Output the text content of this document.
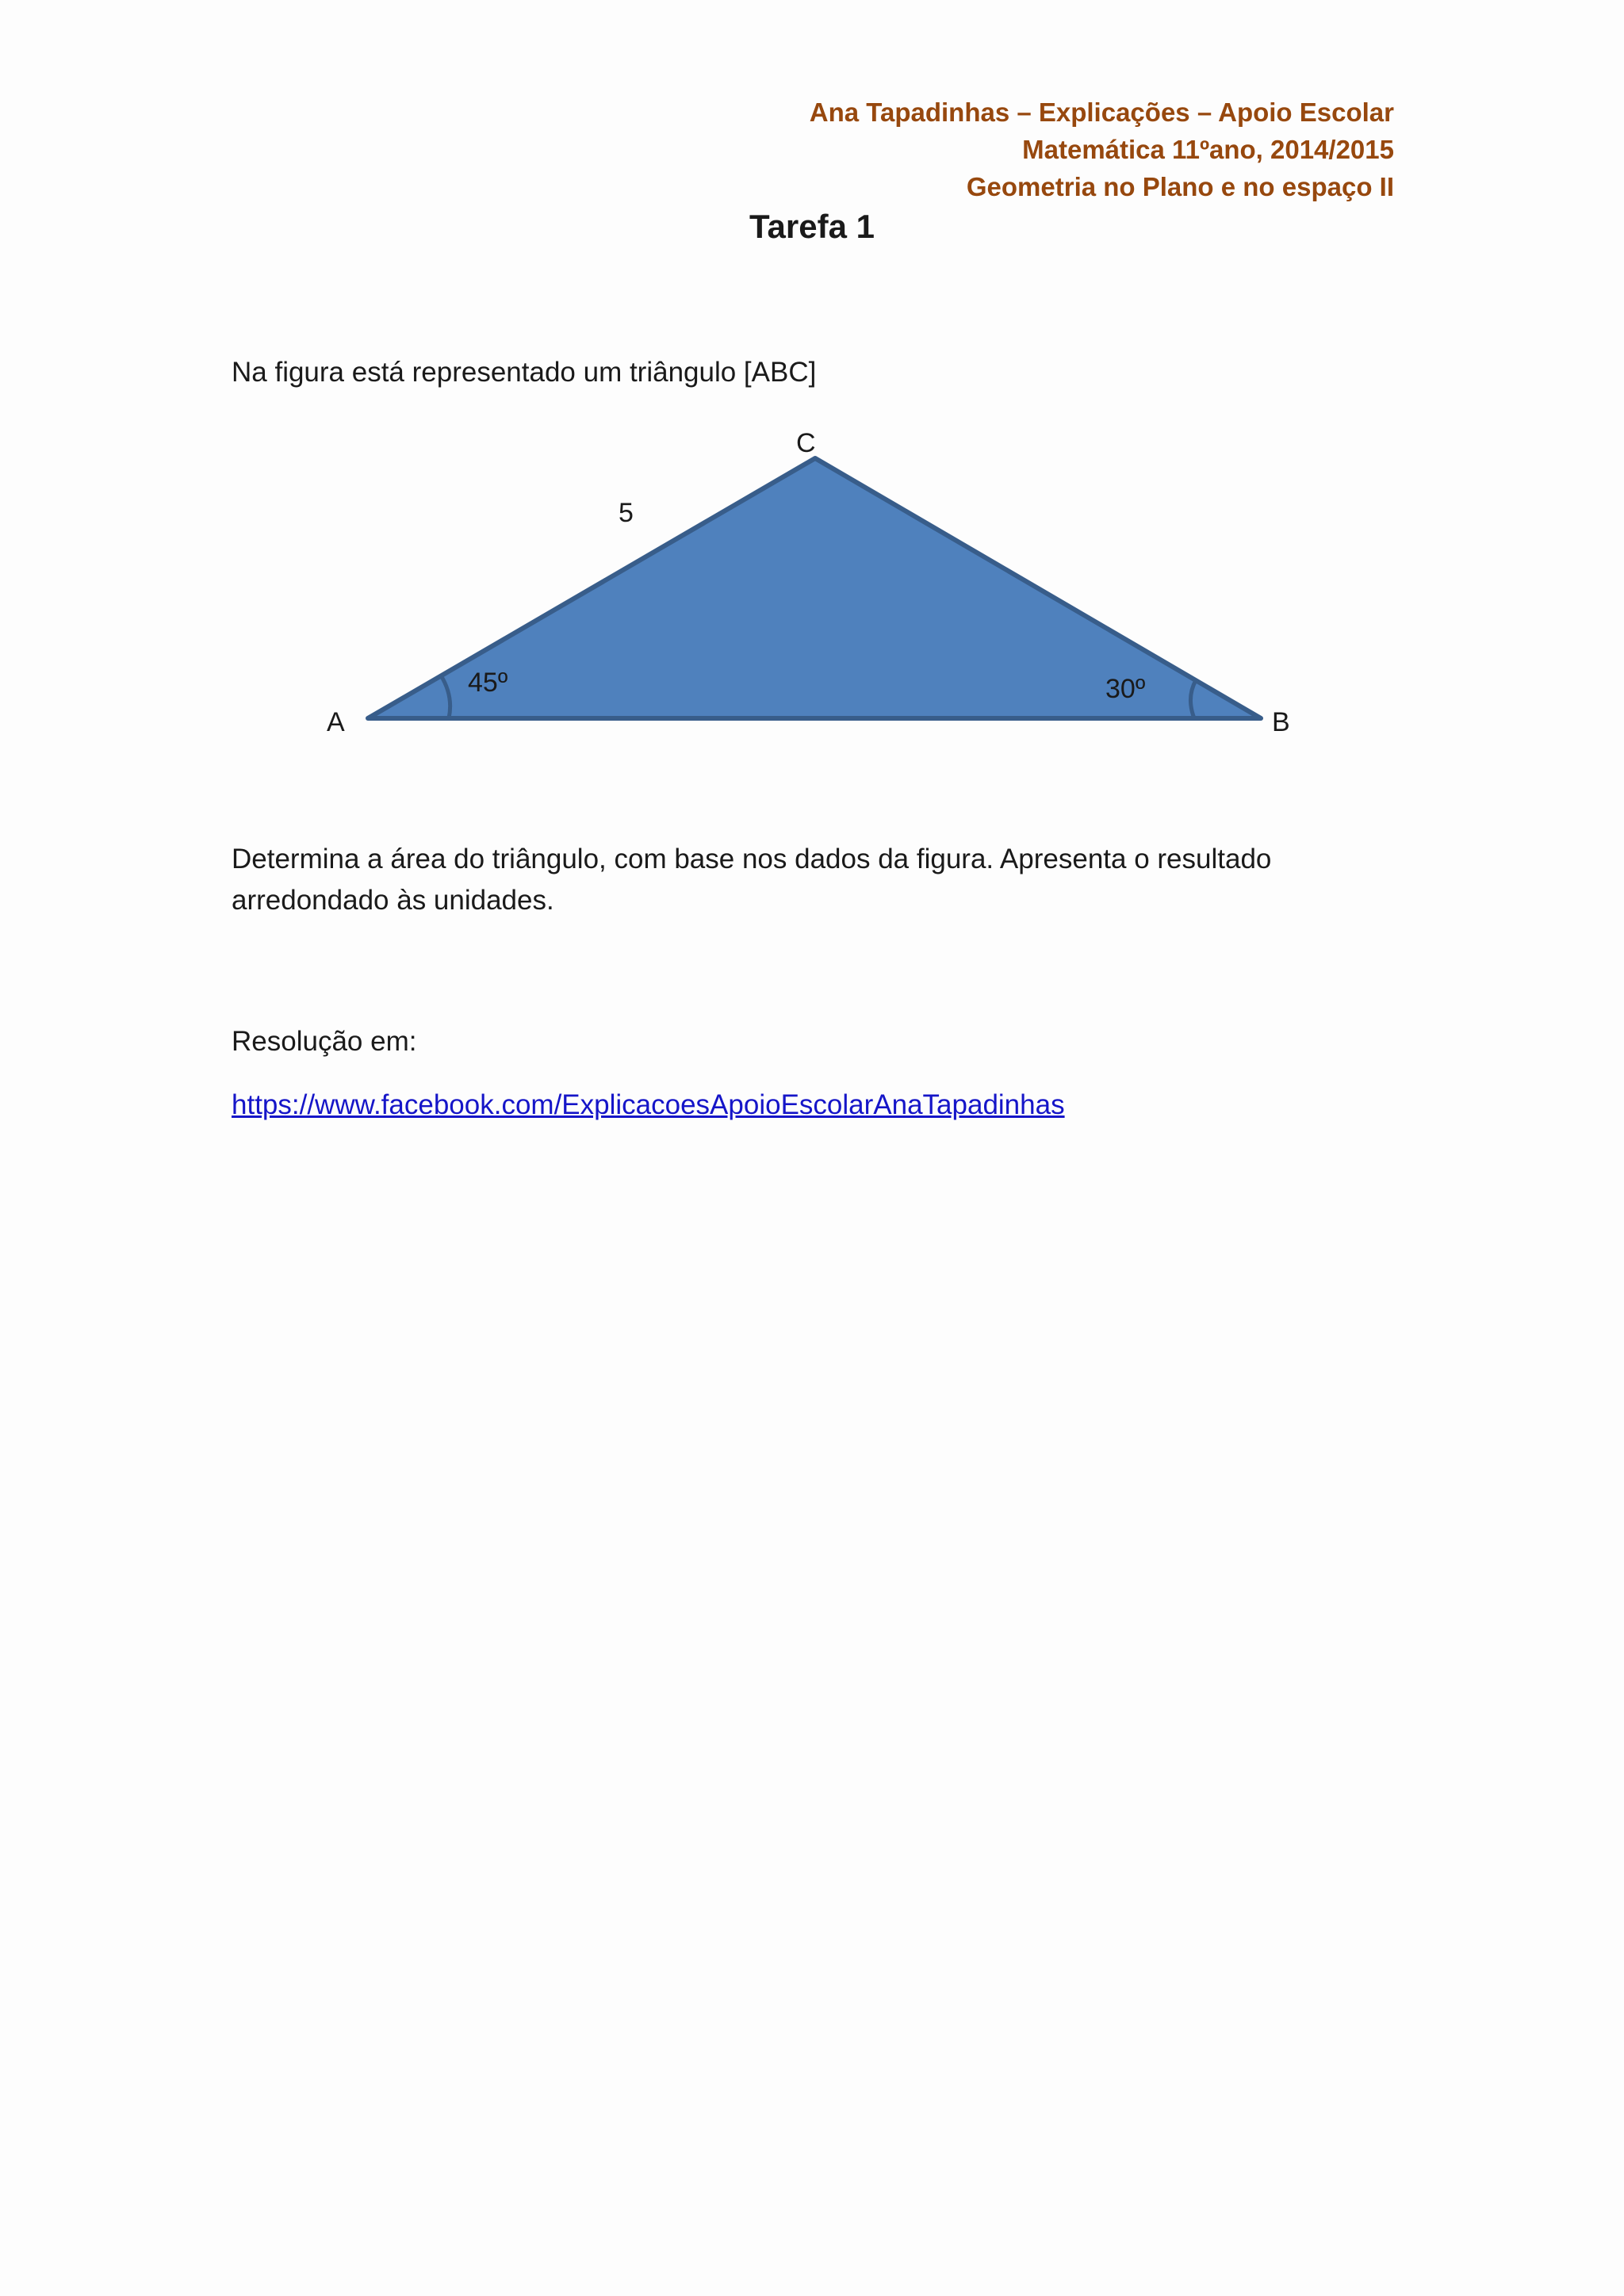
Ana Tapadinhas – Explicações – Apoio Escolar
Matemática 11ºano, 2014/2015
Geometria no Plano e no espaço II
Tarefa 1
Na figura está representado um triângulo [ABC]
C
5
45º	30º
A	B
Determina a área do triângulo, com base nos dados da figura. Apresenta o resultado
arredondado às unidades.
Resolução em:
https://www.facebook.com/ExplicacoesApoioEscolarAnaTapadinhas
